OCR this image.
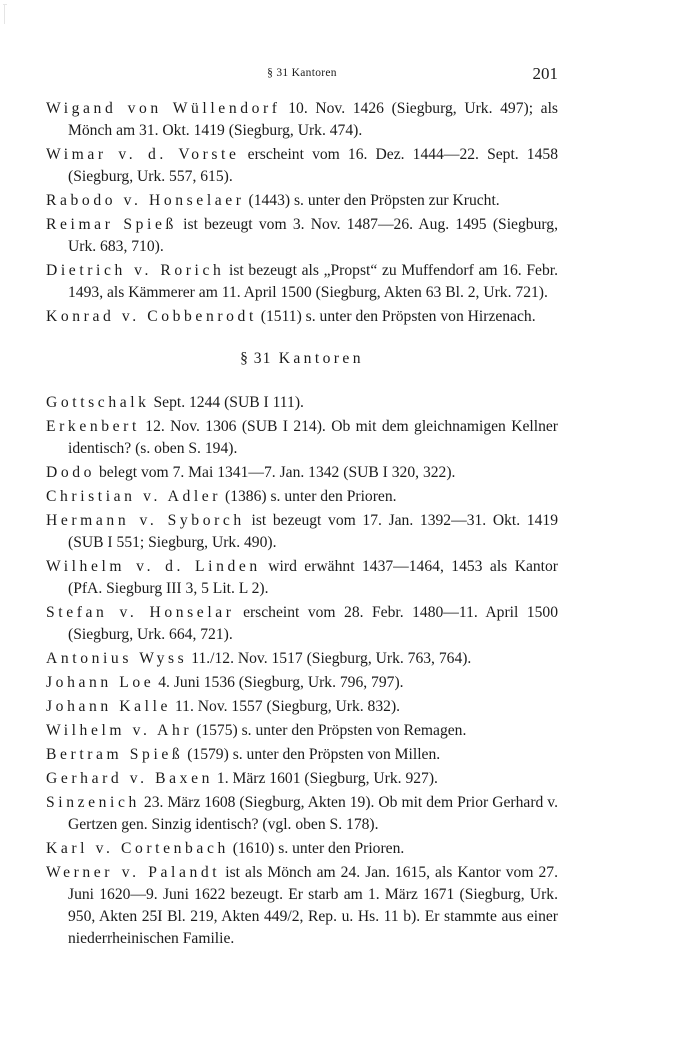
§ 31 Kantoren	201

Wigand von Wüllendorf 10. Nov. 1426 (Siegburg, Urk. 497); als Mönch am 31. Okt. 1419 (Siegburg, Urk. 474).

Wimar v. d. Vorste erscheint vom 16. Dez. 1444—22. Sept. 1458 (Siegburg, Urk. 557, 615).

Rabodo v. Honselaer (1443) s. unter den Pröpsten zur Krucht.

Reimar Spieß ist bezeugt vom 3. Nov. 1487—26. Aug. 1495 (Siegburg, Urk. 683, 710).

Dietrich v. Rorich ist bezeugt als „Propst“ zu Muffendorf am 16. Febr. 1493, als Kämmerer am 11. April 1500 (Siegburg, Akten 63 Bl. 2, Urk. 721).

Konrad v. Cobbenrodt (1511) s. unter den Pröpsten von Hirzenach.

§ 31 Kantoren

Gottschalk Sept. 1244 (SUB I 111).

Erkenbert 12. Nov. 1306 (SUB I 214). Ob mit dem gleichnamigen Kellner identisch? (s. oben S. 194).

Dodo belegt vom 7. Mai 1341—7. Jan. 1342 (SUB I 320, 322).

Christian v. Adler (1386) s. unter den Prioren.

Hermann v. Syborch ist bezeugt vom 17. Jan. 1392—31. Okt. 1419 (SUB I 551; Siegburg, Urk. 490).

Wilhelm v. d. Linden wird erwähnt 1437—1464, 1453 als Kantor (PfA. Siegburg III 3, 5 Lit. L 2).

Stefan v. Honselar erscheint vom 28. Febr. 1480—11. April 1500 (Siegburg, Urk. 664, 721).

Antonius Wyss 11./12. Nov. 1517 (Siegburg, Urk. 763, 764).

Johann Loe 4. Juni 1536 (Siegburg, Urk. 796, 797).

Johann Kalle 11. Nov. 1557 (Siegburg, Urk. 832).

Wilhelm v. Ahr (1575) s. unter den Pröpsten von Remagen.

Bertram Spieß (1579) s. unter den Pröpsten von Millen.

Gerhard v. Baxen 1. März 1601 (Siegburg, Urk. 927).

Sinzenich 23. März 1608 (Siegburg, Akten 19). Ob mit dem Prior Gerhard v. Gertzen gen. Sinzig identisch? (vgl. oben S. 178).

Karl v. Cortenbach (1610) s. unter den Prioren.

Werner v. Palandt ist als Mönch am 24. Jan. 1615, als Kantor vom 27. Juni 1620—9. Juni 1622 bezeugt. Er starb am 1. März 1671 (Siegburg, Urk. 950, Akten 25I Bl. 219, Akten 449/2, Rep. u. Hs. 11 b). Er stammte aus einer niederrheinischen Familie.
